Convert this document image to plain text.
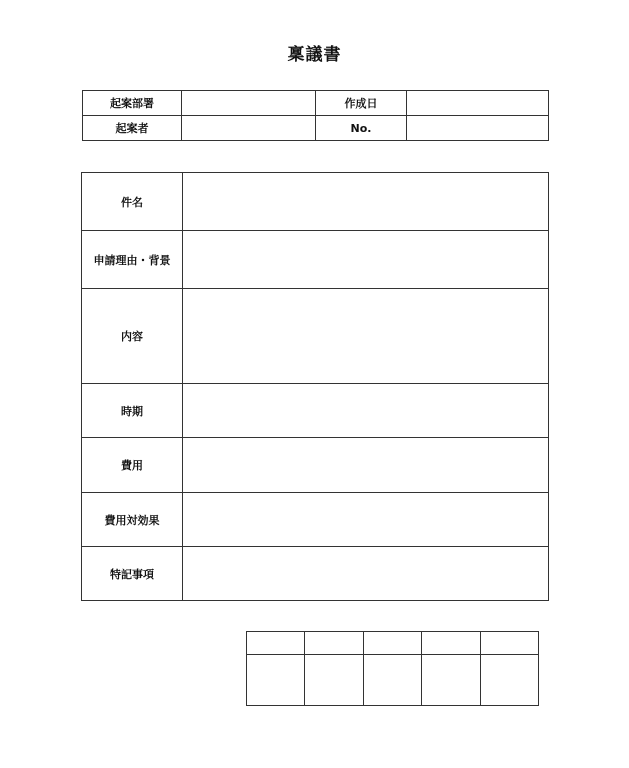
稟議書
起案部署		作成日	
起案者		No.	
件名	
申請理由・背景	
内容	
時期	
費用	
費用対効果	
特記事項	
